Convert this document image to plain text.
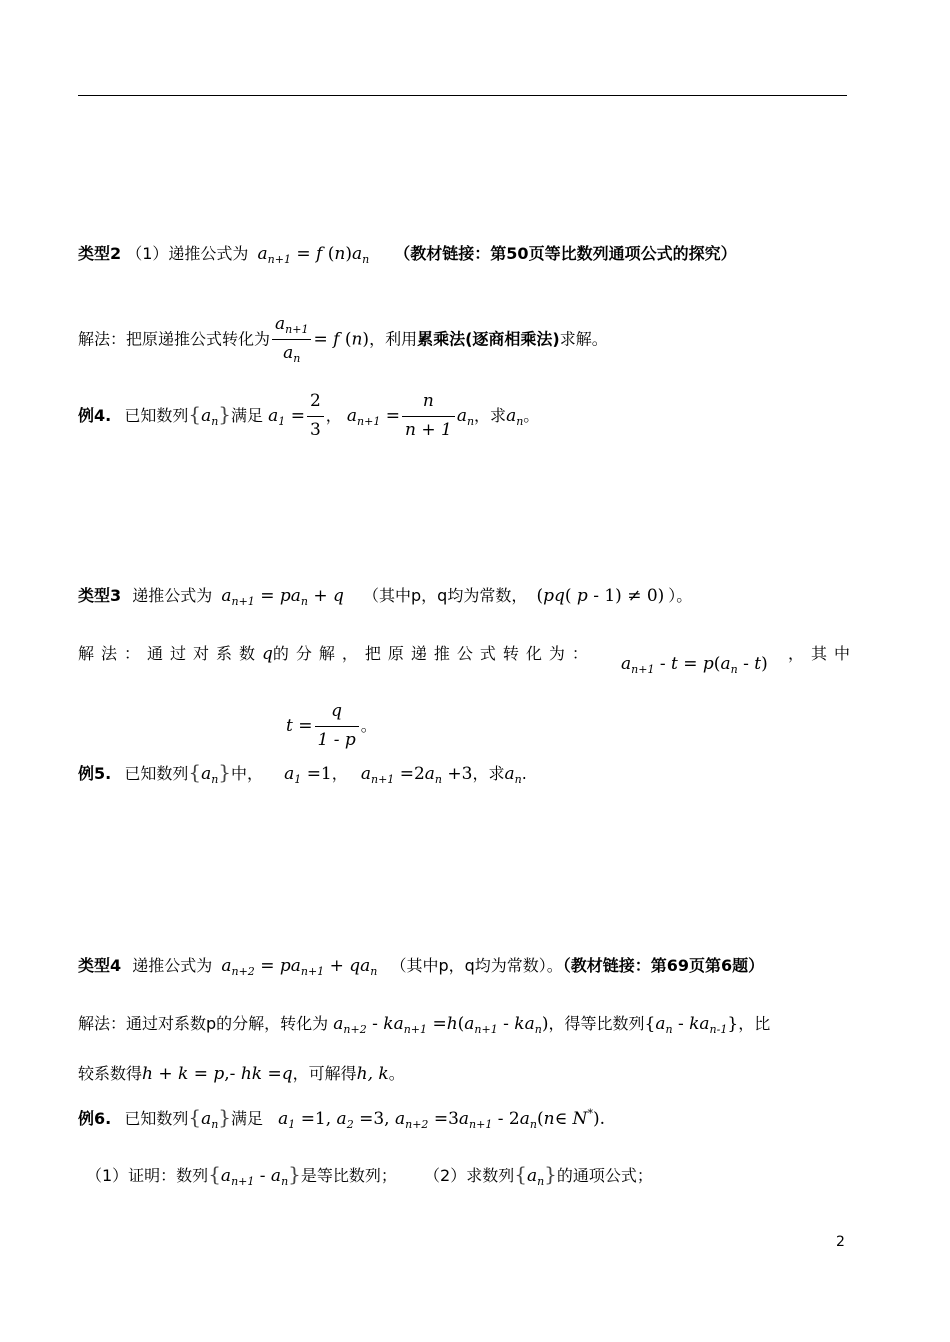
类型2 （1）递推公式为 $a_{n+1} = f$ $(n)a_n$ （教材链接：第50页等比数列通项公式的探究）
解法：把原递推公式转化为 $\frac{a_{n+1}}{a_n} = f$ (n)，利用累乘法(逐商相乘法)求解。
例4. 已知数列$\{a_n\}$满足 $a_1 = \frac{2}{3}$ ， $a_{n+1} = \frac{n}{n + 1} a_n$，求$a_n$。
类型3 递推公式为 $a_{n+1} = pa_n + q$ （其中p，q均为常数， (pq( p - 1) ≠ 0) ）。
解法：通过对系数q的分解，把原递推公式转化为：
$a_{n+1} - t = p(a_n - t)$
，其中
$t = \frac{q}{1 - p}$ 。
例5. 已知数列$\{a_n\}$中， $a_1 =1$， $a_{n+1} =2a_n +3$，求$a_n$.
类型4 递推公式为 $a_{n+2} = pa_{n+1} + qa_n$ （其中p，q均为常数）。（教材链接：第69页第6题）
解法：通过对系数p的分解，转化为 $a_{n+2} - ka_{n+1} =h(a_{n+1} - ka_n)$，得等比数列$\{a_n - ka_{n-1}\}$，比
较系数得h + k = p,- hk =q，可解得h, k。
例6. 已知数列$\{a_n\}$满足 $a_1 =1$, $a_2 =3$, $a_{n+2} =3a_{n+1}$ - $2a_n(n\in$ N*).
（1）证明：数列$\{a_{n+1} - a_n\}$是等比数列； （2）求数列$\{a_n\}$的通项公式；
2
